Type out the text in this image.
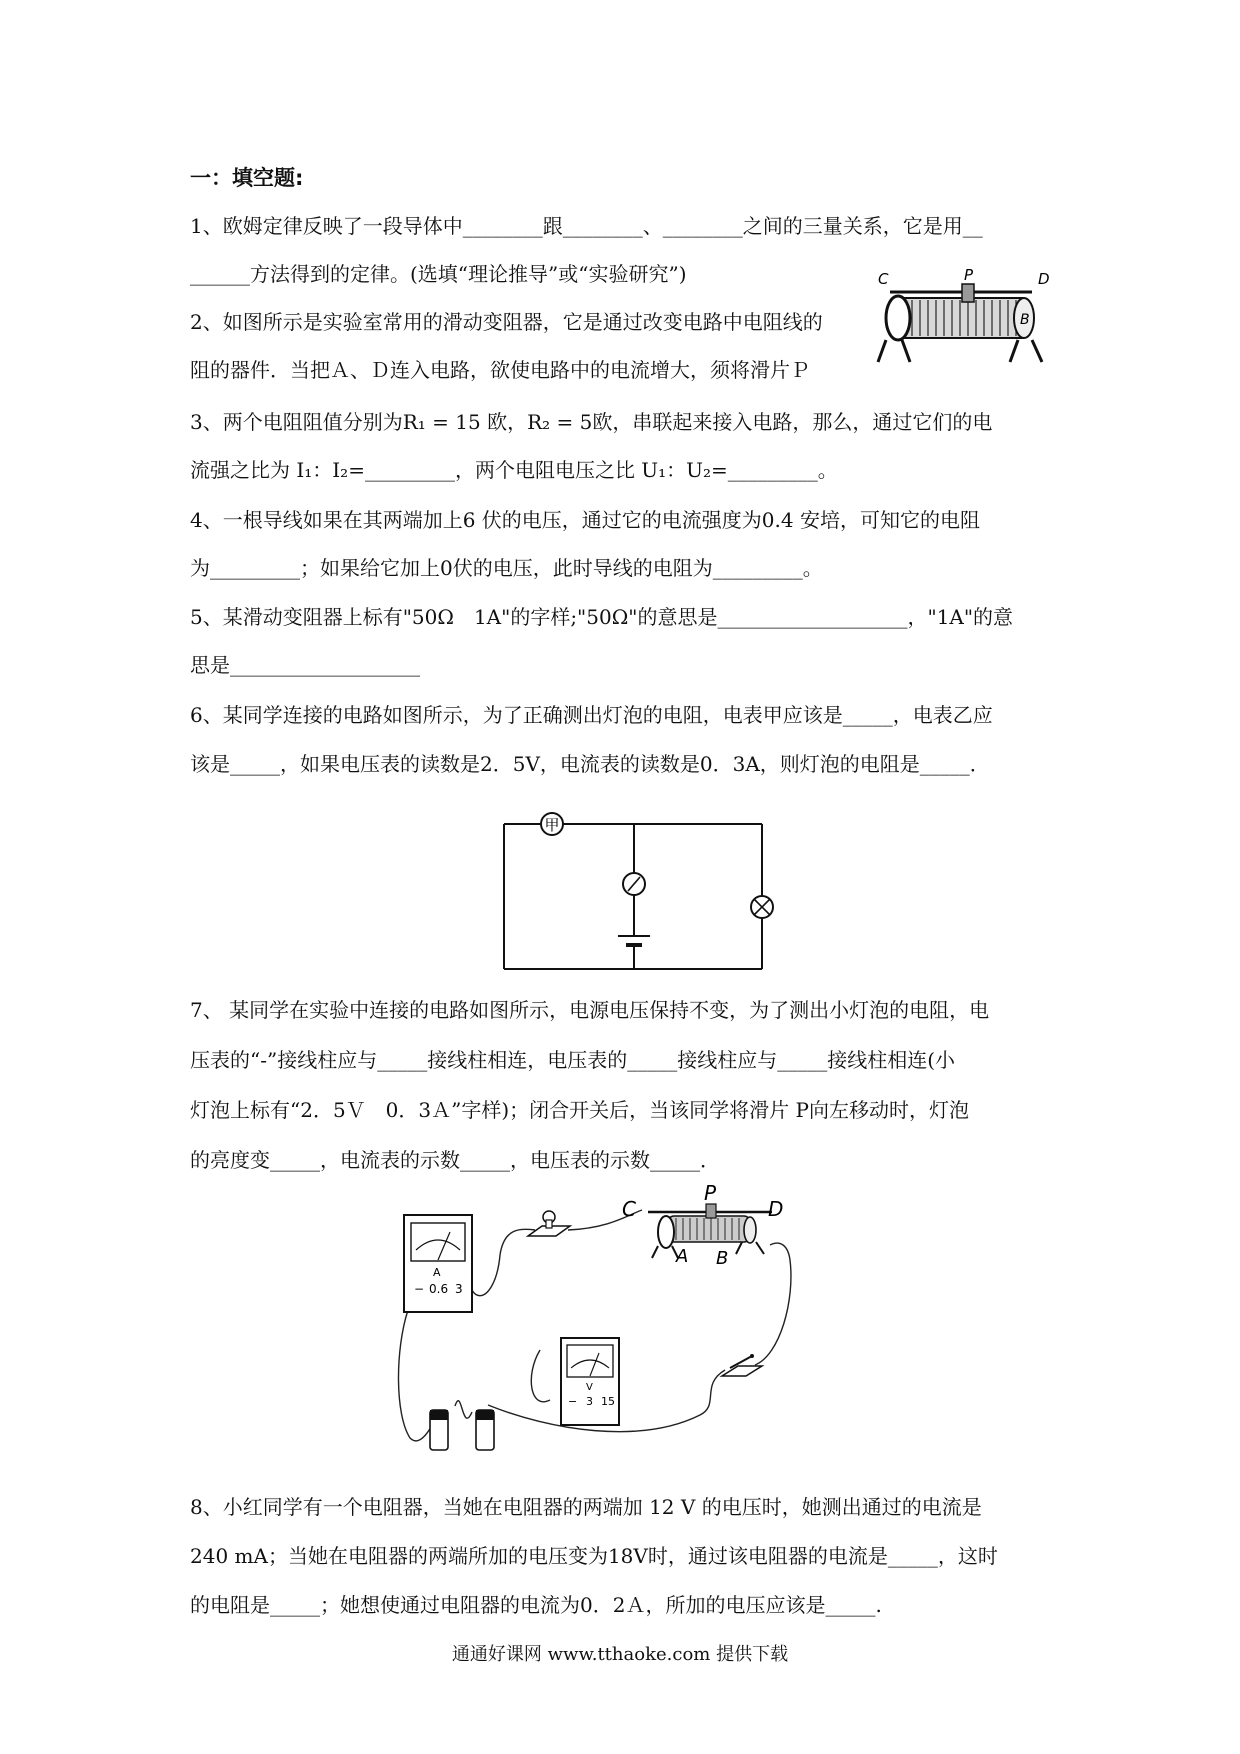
一：填空题:
1、欧姆定律反映了一段导体中________跟________、________之间的三量关系，它是用__
______方法得到的定律。(选填“理论推导”或“实验研究”)
2、如图所示是实验室常用的滑动变阻器，它是通过改变电路中电阻线的
阻的器件．当把Ａ、Ｄ连入电路，欲使电路中的电流增大，须将滑片Ｐ
3、两个电阻阻值分别为R₁ = 15 欧，R₂ = 5欧，串联起来接入电路，那么，通过它们的电
流强之比为 I₁：I₂=_________，两个电阻电压之比 U₁：U₂=_________。
4、一根导线如果在其两端加上6 伏的电压，通过它的电流强度为0.4 安培，可知它的电阻
为_________；如果给它加上0伏的电压，此时导线的电阻为_________。
5、某滑动变阻器上标有"50Ω　1A"的字样;"50Ω"的意思是___________________，"1A"的意
思是___________________
6、某同学连接的电路如图所示，为了正确测出灯泡的电阻，电表甲应该是_____，电表乙应
该是_____，如果电压表的读数是2．5V，电流表的读数是0．3A，则灯泡的电阻是_____．
7、 某同学在实验中连接的电路如图所示，电源电压保持不变，为了测出小灯泡的电阻，电
压表的“-”接线柱应与_____接线柱相连，电压表的_____接线柱应与_____接线柱相连(小
灯泡上标有“2．5Ｖ　0．3Ａ”字样)；闭合开关后，当该同学将滑片 P向左移动时，灯泡
的亮度变_____，电流表的示数_____，电压表的示数_____．
8、小红同学有一个电阻器，当她在电阻器的两端加 12 V 的电压时，她测出通过的电流是
240 mA；当她在电阻器的两端所加的电压变为18V时，通过该电阻器的电流是_____，这时
的电阻是_____；她想使通过电阻器的电流为0．2Ａ，所加的电压应该是_____.
C	P	D
B
甲
A
− 0.6 3
C
P
D
A B
V
− 3 15
通通好课网 www.tthaoke.com 提供下载
